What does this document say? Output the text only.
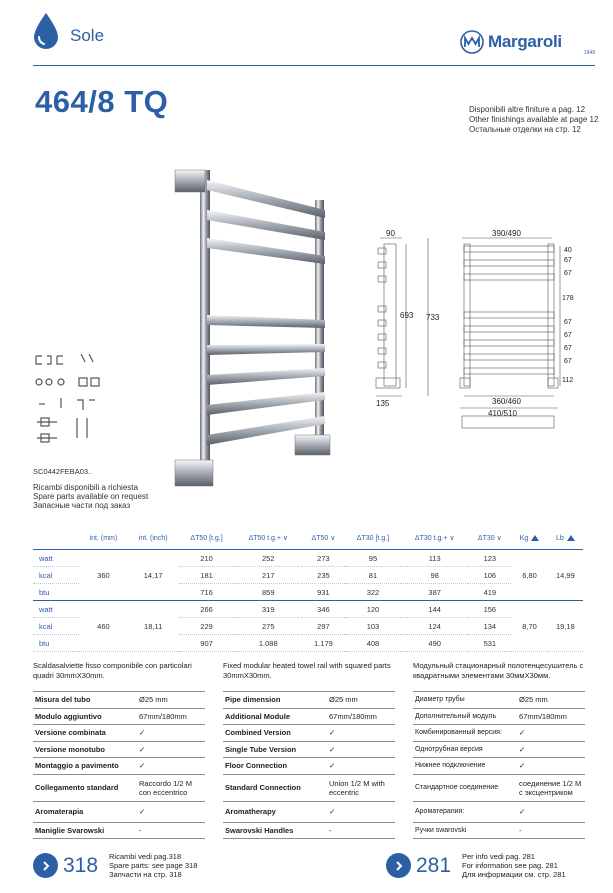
Sole	Margaroli
1949
464/8 TQ	Disponibili altre finiture a pag. 12
Other finishings available at page 12
Остальные отделки на стр. 12
90
693 733
135
390/490
40
67
67
178
67
67
67
67
112
360/460
410/510
SC0442FEBA03..
Ricambi disponibili a richiesta
Spare parts available on request
Запасные части под заказ
	int. (mm)	int. (inch)	ΔT50 [t.g.]	ΔT50 t.g.+ ∨	ΔT50 ∨	ΔT30 [t.g.]	ΔT30 t.g.+ ∨	ΔT30 ∨	Kg	Lb

watt	360	14,17	210	252	273	95	113	123	6,80	14,99
kcal			181	217	235	81	98	106		
btu			716	859	931	322	387	419		
watt	460	18,11	266	319	346	120	144	156	8,70	19,18
kcal			229	275	297	103	124	134		
btu			907	1.088	1.179	408	490	531		
Scaldasalviette fisso componibile con particolari quadri 30mmX30mm.
Misura del tubo	Ø25 mm
Modulo aggiuntivo	67mm/180mm
Versione combinata	✓
Versione monotubo	✓
Montaggio a pavimento	✓
Collegamento standard	Raccordo 1/2 M con eccentrico
Aromaterapia	✓
Maniglie Svarowski	-
Fixed modular heated towel rail with squared parts 30mmX30mm.
Pipe dimension	Ø25 mm
Additional Module	67mm/180mm
Combined Version	✓
Single Tube Version	✓
Floor Connection	✓
Standard Connection	Union 1/2 M with eccentric
Aromatherapy	✓
Swarovski Handles	-
Модульный стационарный полотенцесушитель с квадратными элементами 30ммХ30мм.
Диаметр трубы	Ø25 mm
Дополнительный модуль	67mm/180mm
Комбинированный версия:	✓
Однотрубная версия	✓
Нижнее подключение	✓
Стандартное соединение	соединение 1/2 M с эксцентриком
Ароматерапия:	✓
Ручки swarovski	-
318	Ricambi vedi pag.318
Spare parts: see page 318
Запчасти на стр. 318	281	Per info vedi pag. 281
For information see pag. 281
Для информации см. стр. 281
